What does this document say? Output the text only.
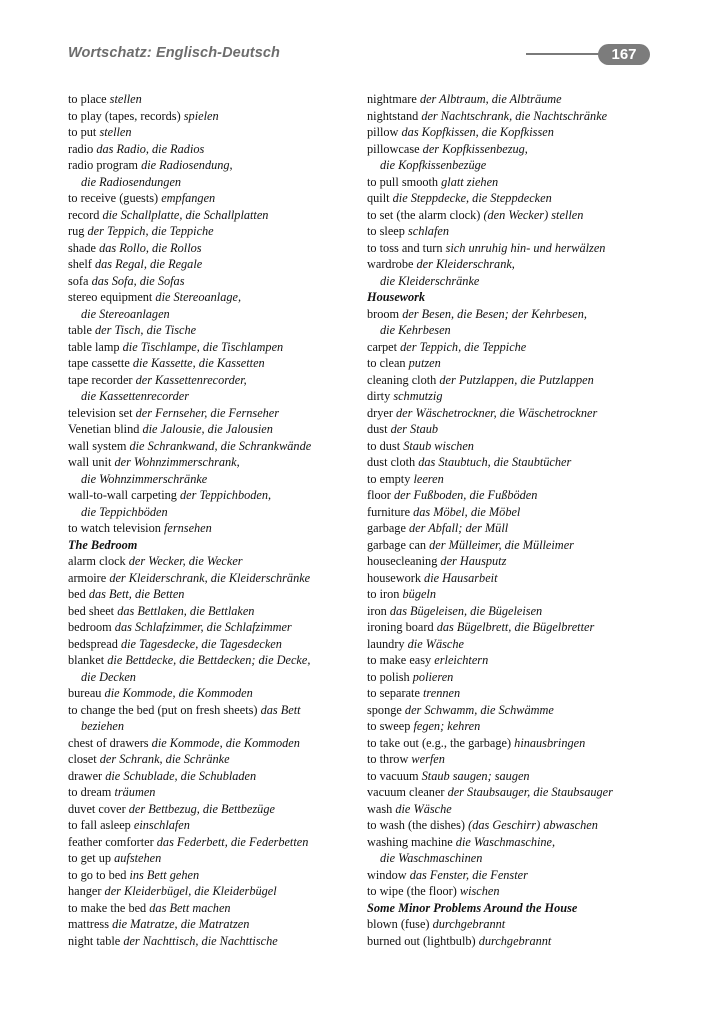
Wortschatz: Englisch-Deutsch	167
to place stellen
to play (tapes, records) spielen
to put stellen
radio das Radio, die Radios
radio program die Radiosendung,
die Radiosendungen
to receive (guests) empfangen
record die Schallplatte, die Schallplatten
rug der Teppich, die Teppiche
shade das Rollo, die Rollos
shelf das Regal, die Regale
sofa das Sofa, die Sofas
stereo equipment die Stereoanlage,
die Stereoanlagen
table der Tisch, die Tische
table lamp die Tischlampe, die Tischlampen
tape cassette die Kassette, die Kassetten
tape recorder der Kassettenrecorder,
die Kassettenrecorder
television set der Fernseher, die Fernseher
Venetian blind die Jalousie, die Jalousien
wall system die Schrankwand, die Schrankwände
wall unit der Wohnzimmerschrank,
die Wohnzimmerschränke
wall-to-wall carpeting der Teppichboden,
die Teppichböden
to watch television fernsehen
The Bedroom
alarm clock der Wecker, die Wecker
armoire der Kleiderschrank, die Kleiderschränke
bed das Bett, die Betten
bed sheet das Bettlaken, die Bettlaken
bedroom das Schlafzimmer, die Schlafzimmer
bedspread die Tagesdecke, die Tagesdecken
blanket die Bettdecke, die Bettdecken; die Decke,
die Decken
bureau die Kommode, die Kommoden
to change the bed (put on fresh sheets) das Bett
beziehen
chest of drawers die Kommode, die Kommoden
closet der Schrank, die Schränke
drawer die Schublade, die Schubladen
to dream träumen
duvet cover der Bettbezug, die Bettbezüge
to fall asleep einschlafen
feather comforter das Federbett, die Federbetten
to get up aufstehen
to go to bed ins Bett gehen
hanger der Kleiderbügel, die Kleiderbügel
to make the bed das Bett machen
mattress die Matratze, die Matratzen
night table der Nachttisch, die Nachttische
nightmare der Albtraum, die Albträume
nightstand der Nachtschrank, die Nachtschränke
pillow das Kopfkissen, die Kopfkissen
pillowcase der Kopfkissenbezug,
die Kopfkissenbezüge
to pull smooth glatt ziehen
quilt die Steppdecke, die Steppdecken
to set (the alarm clock) (den Wecker) stellen
to sleep schlafen
to toss and turn sich unruhig hin- und herwälzen
wardrobe der Kleiderschrank,
die Kleiderschränke
Housework
broom der Besen, die Besen; der Kehrbesen,
die Kehrbesen
carpet der Teppich, die Teppiche
to clean putzen
cleaning cloth der Putzlappen, die Putzlappen
dirty schmutzig
dryer der Wäschetrockner, die Wäschetrockner
dust der Staub
to dust Staub wischen
dust cloth das Staubtuch, die Staubtücher
to empty leeren
floor der Fußboden, die Fußböden
furniture das Möbel, die Möbel
garbage der Abfall; der Müll
garbage can der Mülleimer, die Mülleimer
housecleaning der Hausputz
housework die Hausarbeit
to iron bügeln
iron das Bügeleisen, die Bügeleisen
ironing board das Bügelbrett, die Bügelbretter
laundry die Wäsche
to make easy erleichtern
to polish polieren
to separate trennen
sponge der Schwamm, die Schwämme
to sweep fegen; kehren
to take out (e.g., the garbage) hinausbringen
to throw werfen
to vacuum Staub saugen; saugen
vacuum cleaner der Staubsauger, die Staubsauger
wash die Wäsche
to wash (the dishes) (das Geschirr) abwaschen
washing machine die Waschmaschine,
die Waschmaschinen
window das Fenster, die Fenster
to wipe (the floor) wischen
Some Minor Problems Around the House
blown (fuse) durchgebrannt
burned out (lightbulb) durchgebrannt
